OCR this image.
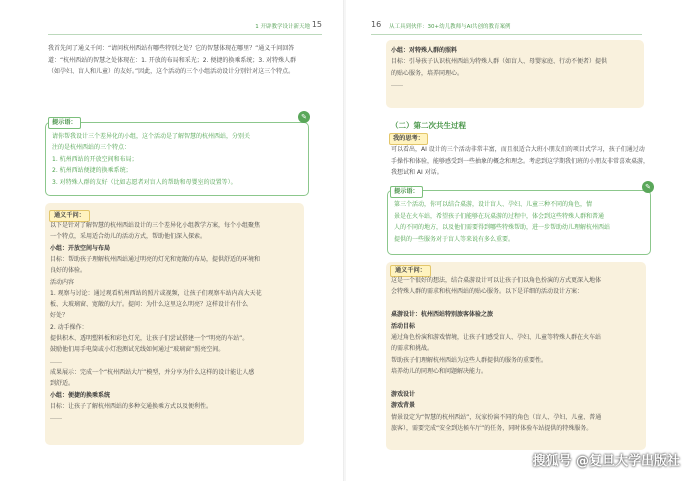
1 开辟教学设计新天地 15

我首先问了通义千问：“请问杭州西站有哪些特别之处？它的智慧体现在哪里？”通义千问回答道：“杭州西站的智慧之处体现在：1. 开放的布局和采光；2. 便捷的换乘系统；3. 对特殊人群（如孕妇、盲人和儿童）的友好。”因此，这个活动的三个小组活动设计分别针对这三个特点。

提示语：
✎

请你帮我设计三个差异化的小组，这个活动是了解智慧的杭州西站，分别关

注的是杭州西站的三个特点：

1. 杭州西站的开放空间和布局；

2. 杭州西站便捷的换乘系统；

3. 对特殊人群的友好（比如志愿者对盲人的帮助和母婴室的设置等）。

通义千问：

以下是针对了解智慧的杭州西站设计的三个差异化小组教学方案，每个小组聚焦

一个特点，采用适合幼儿的活动方式，帮助他们深入探索。

小组：开放空间与布局

目标：帮助孩子理解杭州西站通过明亮的灯光和宽敞的布局，提供舒适的环境和

良好的体验。

活动内容

1. 观察与讨论：通过观看杭州西站的照片或视频，让孩子们观察车站内高大天花

板、大玻璃窗、宽敞的大厅。提问：为什么这里这么明亮？这样设计有什么

好处？

2. 动手操作：

提供积木、透明塑料板和彩色灯光，让孩子们尝试搭建一个“明亮的车站”。

鼓励他们用手电筒或小灯泡测试光线如何通过“玻璃窗”照亮空间。

……

成果展示：完成一个“杭州西站大厅”模型，并分享为什么这样的设计能让人感

到舒适。

小组：便捷的换乘系统

目标：让孩子了解杭州西站的多种交通换乘方式以及便利性。

……

16 从工具到伙伴：30+幼儿教师与AI共创的教育案例

小组：对特殊人群的照料

目标：引导孩子认识杭州西站为特殊人群（如盲人、母婴家庭、行动不便者）提供

的贴心服务，培养同理心。

……

（二）第二次共生过程
我的思考：

可以看出，AI 设计的三个活动非常丰富，而且很适合大班小朋友们的项目式学习，孩子们通过动手操作和体验，能够感受到一些抽象的概念和理念。考虑到这学期我们班的小朋友非常喜欢桌游，我想试和 AI 对话。

提示语：
✎

第三个活动，你可以结合桌游，设计盲人、孕妇、儿童三种不同的角色，情

景是在火车站，希望孩子们能够在玩桌游的过程中，体会到这些特殊人群和普通

人的不同的地方，以及他们需要得到哪些特殊帮助，进一步帮助幼儿理解杭州西站

提供的一些服务对于盲人等来说有多么重要。

通义千问：

这是一个很好的想法，结合桌游设计可以让孩子们以角色扮演的方式更深入地体

会特殊人群的需求和杭州西站的贴心服务。以下是详细的活动设计方案：

桌游设计：杭州西站特别旅客体验之旅

活动目标

通过角色扮演和游戏情境，让孩子们感受盲人、孕妇、儿童等特殊人群在火车站

的需求和挑战。

帮助孩子们理解杭州西站为这些人群提供的服务的重要性。

培养幼儿的同理心和问题解决能力。

游戏设计

游戏背景

情景设定为“智慧的杭州西站”，玩家扮演不同的角色（盲人、孕妇、儿童、普通

旅客），需要完成“安全到达候车厅”的任务，同时体验车站提供的特殊服务。

搜狐号 @复旦大学出版社
